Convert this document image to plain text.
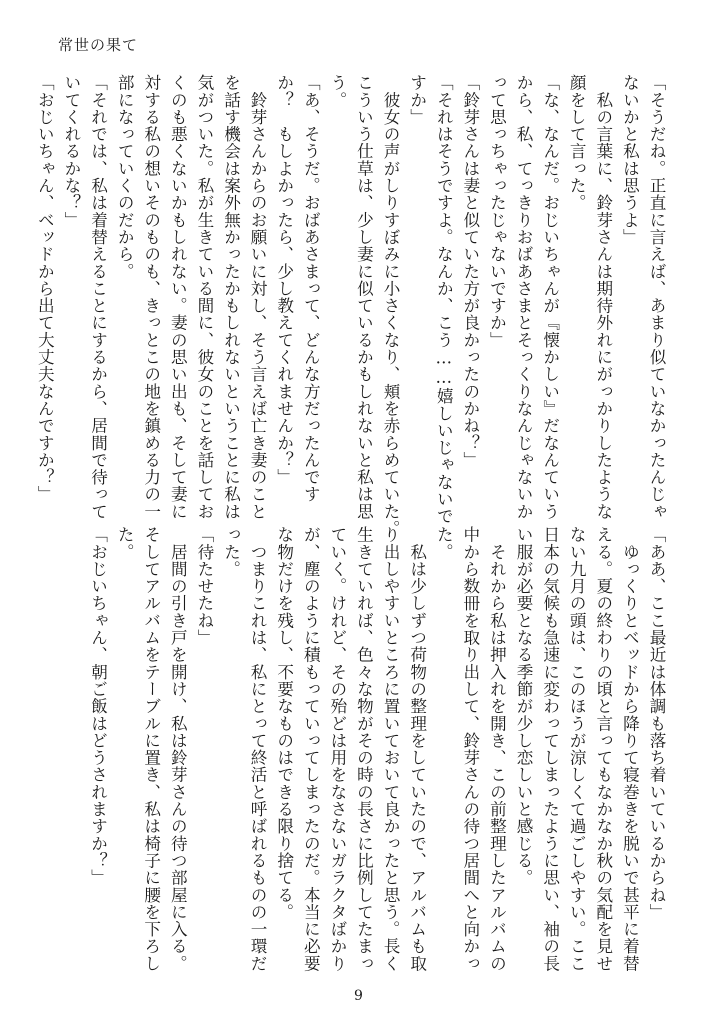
常世の果て

「そうだね。正直に言えば、あまり似ていなかったんじゃ

ないかと私は思うよ」

　私の言葉に、鈴芽さんは期待外れにがっかりしたような

顔をして言った。

「な、なんだ。おじいちゃんが『懐かしい』だなんていう

から、私、てっきりおばあさまとそっくりなんじゃないか

って思っちゃったじゃないですか」

「鈴芽さんは妻と似ていた方が良かったのかね？」

「それはそうですよ。なんか、こう……嬉しいじゃないで

すか」

　彼女の声がしりすぼみに小さくなり、頬を赤らめていた。

こういう仕草は、少し妻に似ているかもしれないと私は思

う。

「あ、そうだ。おばあさまって、どんな方だったんです

か？　もしよかったら、少し教えてくれませんか？」

　鈴芽さんからのお願いに対し、そう言えば亡き妻のこと

を話す機会は案外無かったかもしれないということに私は

気がついた。私が生きている間に、彼女のことを話してお

くのも悪くないかもしれない。妻の思い出も、そして妻に

対する私の想いそのものも、きっとこの地を鎮める力の一

部になっていくのだから。

「それでは、私は着替えることにするから、居間で待って

いてくれるかな？」

「おじいちゃん、ベッドから出て大丈夫なんですか？」

「ああ、ここ最近は体調も落ち着いているからね」

　ゆっくりとベッドから降りて寝巻きを脱いで甚平に着替

える。夏の終わりの頃と言ってもなかなか秋の気配を見せ

ない九月の頭は、このほうが涼しくて過ごしやすい。ここ

日本の気候も急速に変わってしまったように思い、袖の長

い服が必要となる季節が少し恋しいと感じる。

　それから私は押入れを開き、この前整理したアルバムの

中から数冊を取り出して、鈴芽さんの待つ居間へと向かっ

た。

　私は少しずつ荷物の整理をしていたので、アルバムも取

り出しやすいところに置いておいて良かったと思う。長く

生きていれば、色々な物がその時の長さに比例してたまっ

ていく。けれど、その殆どは用をなさないガラクタばかり

が、塵のように積もっていってしまったのだ。本当に必要

な物だけを残し、不要なものはできる限り捨てる。

　つまりこれは、私にとって終活と呼ばれるものの一環だ

った。

「待たせたね」

　居間の引き戸を開け、私は鈴芽さんの待つ部屋に入る。

そしてアルバムをテーブルに置き、私は椅子に腰を下ろし

た。

「おじいちゃん、朝ご飯はどうされますか？」

9
